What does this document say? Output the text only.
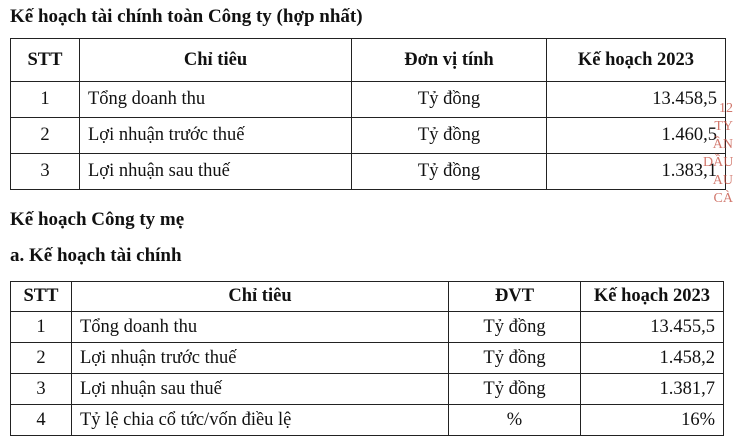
Kế hoạch tài chính toàn Công ty (hợp nhất)
STT	Chỉ tiêu	Đơn vị tính	Kế hoạch 2023
1	Tổng doanh thu	Tỷ đồng	13.458,5
2	Lợi nhuận trước thuế	Tỷ đồng	1.460,5
3	Lợi nhuận sau thuế	Tỷ đồng	1.383,1
Kế hoạch Công ty mẹ
a. Kế hoạch tài chính
STT	Chỉ tiêu	ĐVT	Kế hoạch 2023
1	Tổng doanh thu	Tỷ đồng	13.455,5
2	Lợi nhuận trước thuế	Tỷ đồng	1.458,2
3	Lợi nhuận sau thuế	Tỷ đồng	1.381,7
4	Tỷ lệ chia cổ tức/vốn điều lệ	%	16%
12
TY
ẦN
DẦU
AU
CÀ
